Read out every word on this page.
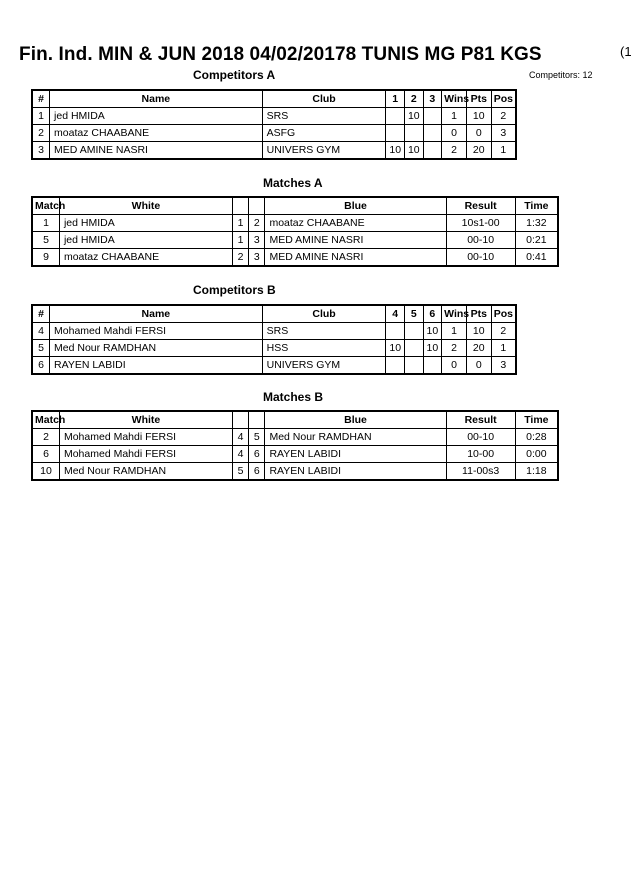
Fin. Ind. MIN & JUN 2018 04/02/20178 TUNIS MG P81 KGS	(1
Competitors: 12
Competitors A
#	Name	Club	1	2	3	Wins	Pts	Pos
1	jed HMIDA	SRS		10		1	10	2
2	moataz CHAABANE	ASFG				0	0	3
3	MED AMINE NASRI	UNIVERS GYM	10	10		2	20	1
Matches A
Match	White			Blue	Result	Time
1	jed HMIDA	1	2	moataz CHAABANE	10s1-00	1:32
5	jed HMIDA	1	3	MED AMINE NASRI	00-10	0:21
9	moataz CHAABANE	2	3	MED AMINE NASRI	00-10	0:41
Competitors B
#	Name	Club	4	5	6	Wins	Pts	Pos
4	Mohamed Mahdi FERSI	SRS			10	1	10	2
5	Med Nour RAMDHAN	HSS	10		10	2	20	1
6	RAYEN LABIDI	UNIVERS GYM				0	0	3
Matches B
Match	White			Blue	Result	Time
2	Mohamed Mahdi FERSI	4	5	Med Nour RAMDHAN	00-10	0:28
6	Mohamed Mahdi FERSI	4	6	RAYEN LABIDI	10-00	0:00
10	Med Nour RAMDHAN	5	6	RAYEN LABIDI	11-00s3	1:18
